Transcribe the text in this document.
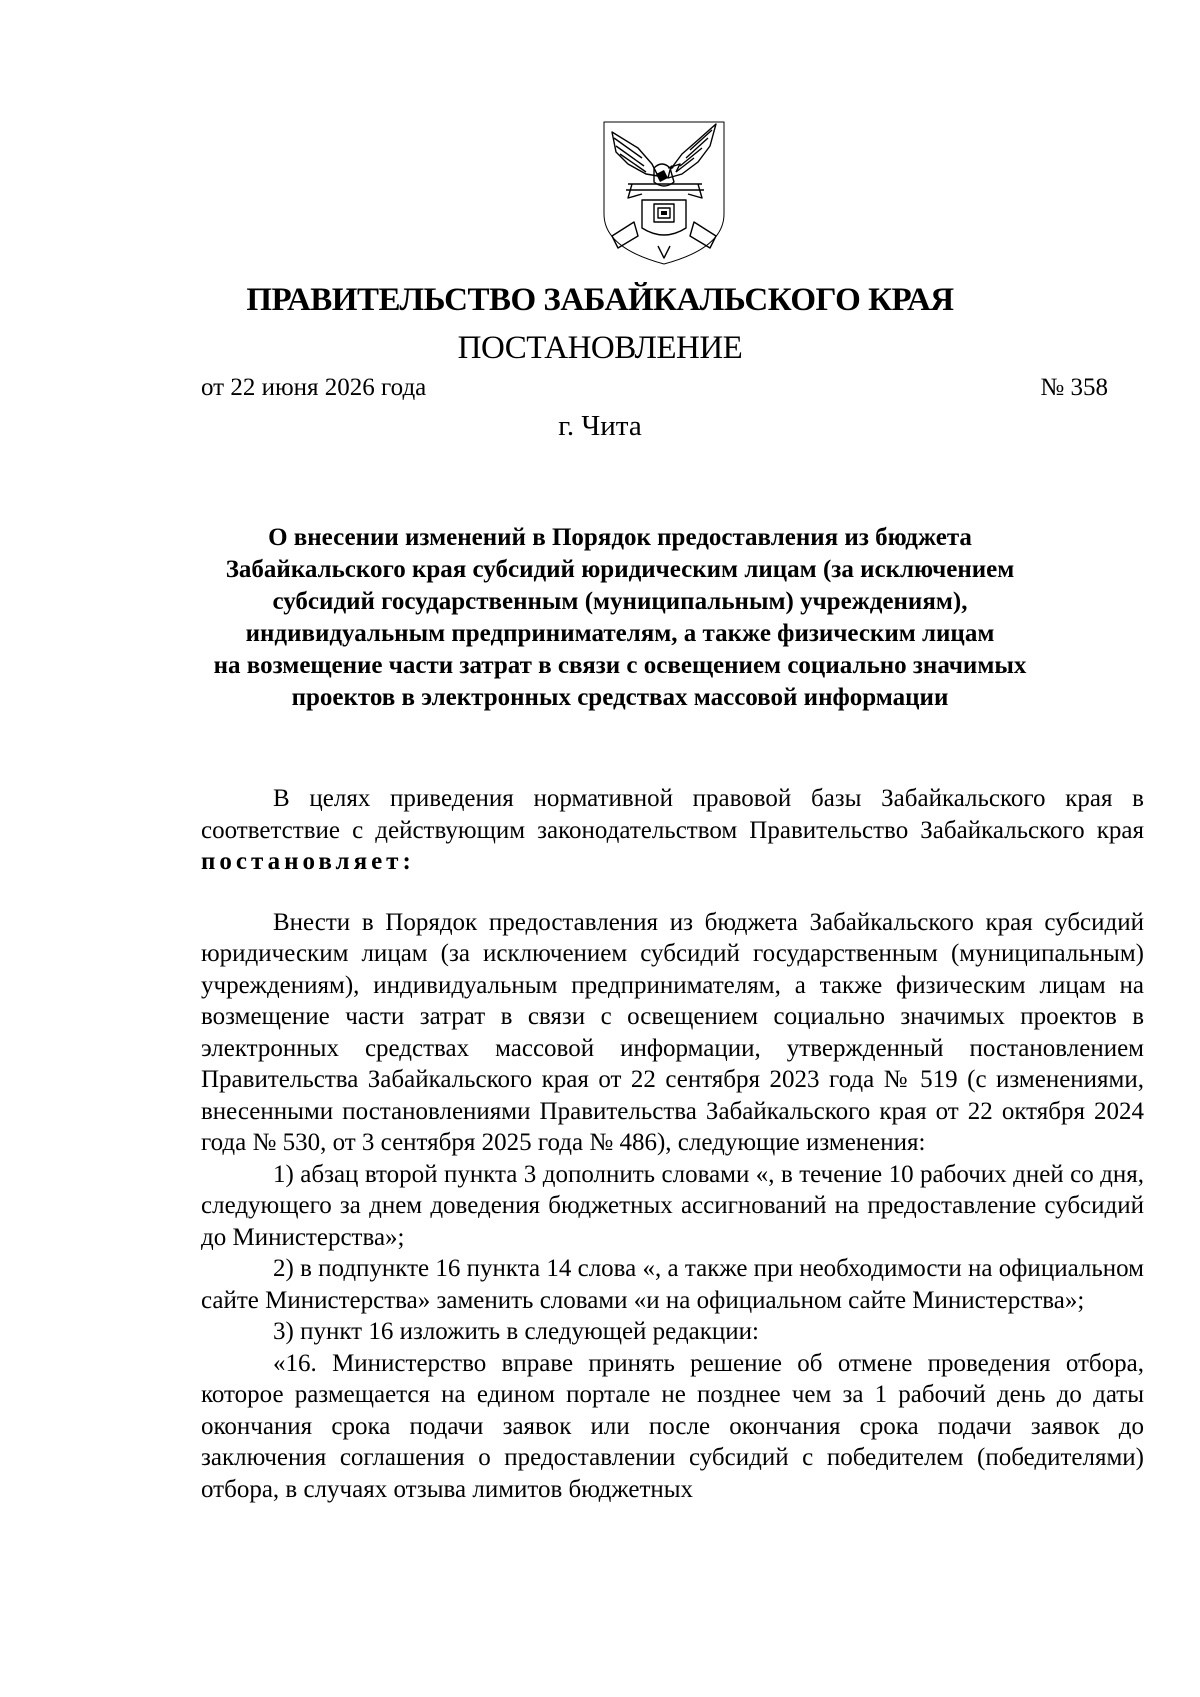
ПРАВИТЕЛЬСТВО ЗАБАЙКАЛЬСКОГО КРАЯ
ПОСТАНОВЛЕНИЕ
от 22 июня 2026 года	№ 358
г. Чита
О внесении изменений в Порядок предоставления из бюджета
Забайкальского края субсидий юридическим лицам (за исключением
субсидий государственным (муниципальным) учреждениям),
индивидуальным предпринимателям, а также физическим лицам
на возмещение части затрат в связи с освещением социально значимых
проектов в электронных средствах массовой информации

В целях приведения нормативной правовой базы Забайкальского края в соответствие с действующим законодательством Правительство Забайкальского края постановляет:

Внести в Порядок предоставления из бюджета Забайкальского края субсидий юридическим лицам (за исключением субсидий государственным (муниципальным) учреждениям), индивидуальным предпринимателям, а также физическим лицам на возмещение части затрат в связи с освещением социально значимых проектов в электронных средствах массовой информации, утвержденный постановлением Правительства Забайкальского края от 22 сентября 2023 года № 519 (с изменениями, внесенными постановлениями Правительства Забайкальского края от 22 октября 2024 года № 530, от 3 сентября 2025 года № 486), следующие изменения:

1) абзац второй пункта 3 дополнить словами «, в течение 10 рабочих дней со дня, следующего за днем доведения бюджетных ассигнований на предоставление субсидий до Министерства»;

2) в подпункте 16 пункта 14 слова «, а также при необходимости на официальном сайте Министерства» заменить словами «и на официальном сайте Министерства»;

3) пункт 16 изложить в следующей редакции:

«16. Министерство вправе принять решение об отмене проведения отбора, которое размещается на едином портале не позднее чем за 1 рабочий день до даты окончания срока подачи заявок или после окончания срока подачи заявок до заключения соглашения о предоставлении субсидий с победителем (победителями) отбора, в случаях отзыва лимитов бюджетных
